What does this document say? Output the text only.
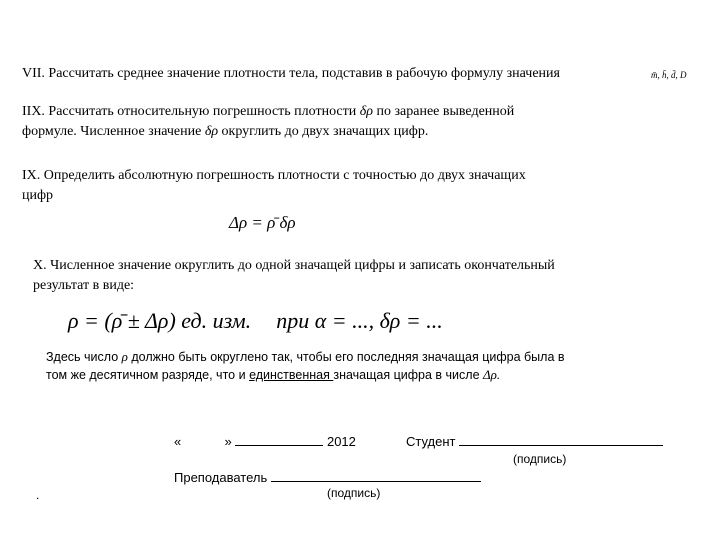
VII. Рассчитать среднее значение плотности тела, подставив в рабочую формулу значения	m̄, h̄, d̄, D
IIX. Рассчитать относительную погрешность плотности δρ по заранее выведенной
формуле. Численное значение δρ округлить до двух значащих цифр.
IX. Определить абсолютную погрешность плотности с точностью до двух значащих
цифр
Δρ = ρ̄ δρ
X. Численное значение округлить до одной значащей цифры и записать окончательный
результат в виде:
ρ = (ρ̄ ± Δρ) ед. изм. при α = ..., δρ = ...
Здесь число ρ должно быть округлено так, чтобы его последняя значащая цифра была в
том же десятичном разряде, что и единственная значащая цифра в числе Δρ.
«	»	2012	Студент
(подпись)
Преподаватель
(подпись)
.
